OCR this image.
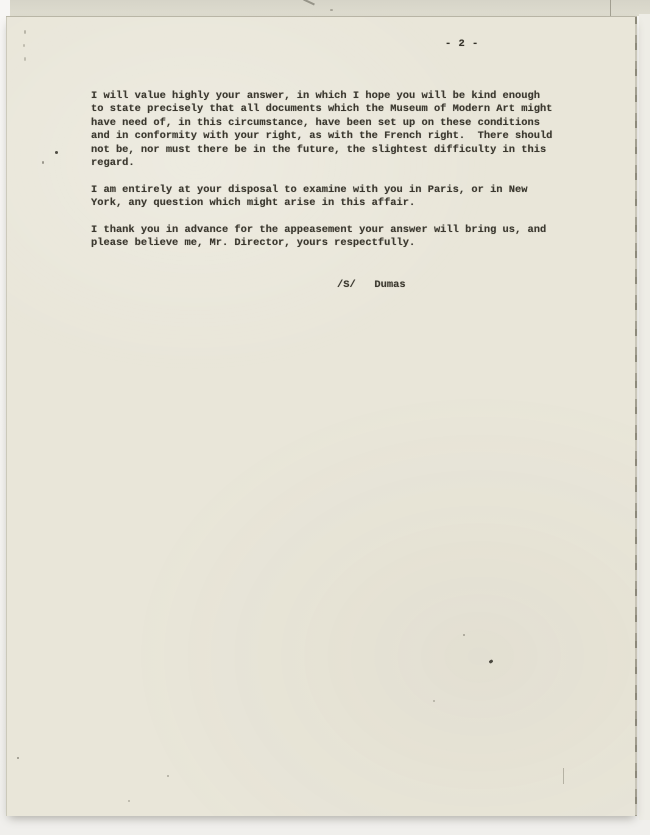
- 2 -
I will value highly your answer, in which I hope you will be kind enough
to state precisely that all documents which the Museum of Modern Art might
have need of, in this circumstance, have been set up on these conditions
and in conformity with your right, as with the French right.  There should
not be, nor must there be in the future, the slightest difficulty in this
regard.
I am entirely at your disposal to examine with you in Paris, or in New
York, any question which might arise in this affair.
I thank you in advance for the appeasement your answer will bring us, and
please believe me, Mr. Director, yours respectfully.
/S/   Dumas
